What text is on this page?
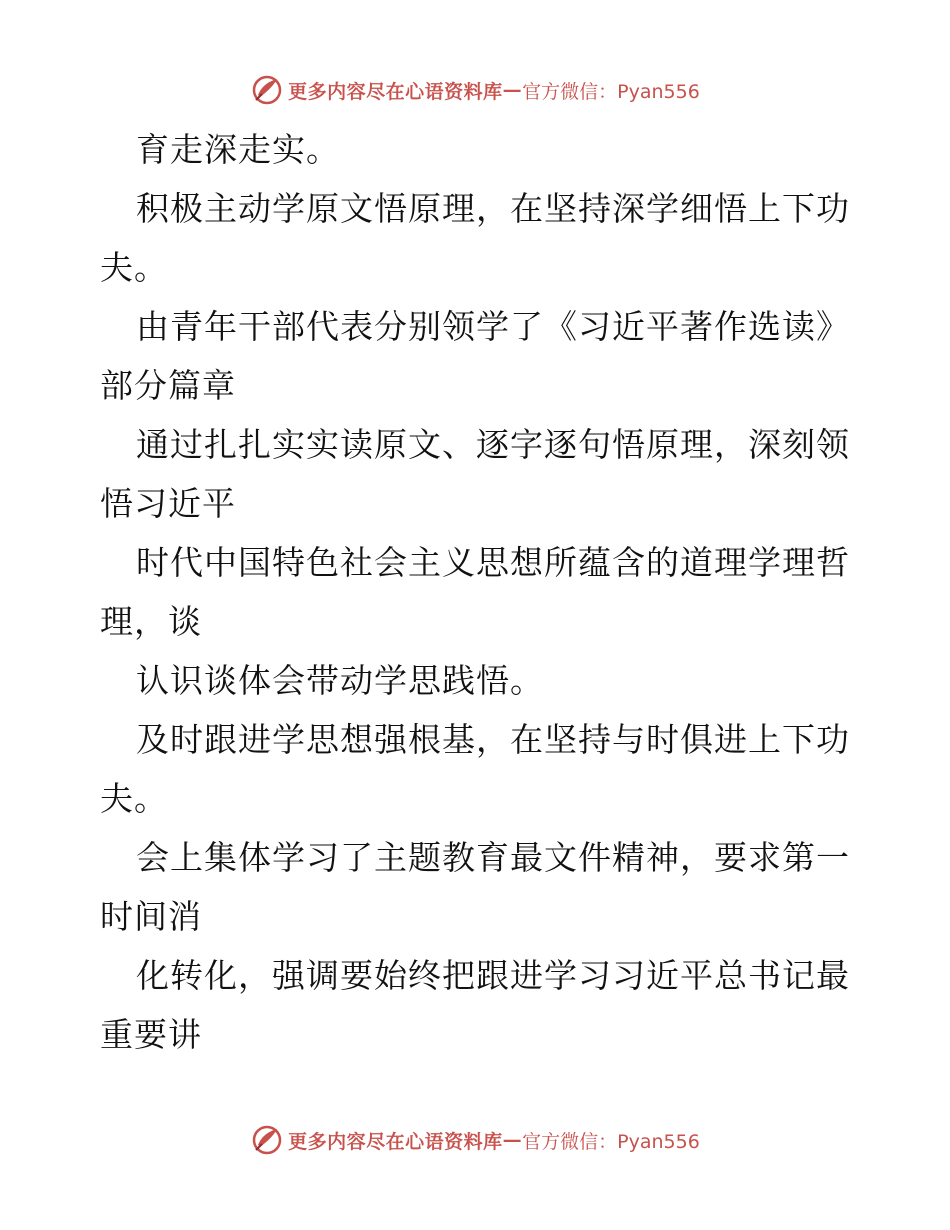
更多内容尽在心语资料库 — 官方微信：Pyan556

育走深走实。

积极主动学原文悟原理，在坚持深学细悟上下功夫。

由青年干部代表分别领学了《习近平著作选读》部分篇章

通过扎扎实实读原文、逐字逐句悟原理，深刻领悟习近平

时代中国特色社会主义思想所蕴含的道理学理哲理，谈

认识谈体会带动学思践悟。

及时跟进学思想强根基，在坚持与时俱进上下功夫。

会上集体学习了主题教育最文件精神，要求第一时间消

化转化，强调要始终把跟进学习习近平总书记最重要讲

更多内容尽在心语资料库 — 官方微信：Pyan556
